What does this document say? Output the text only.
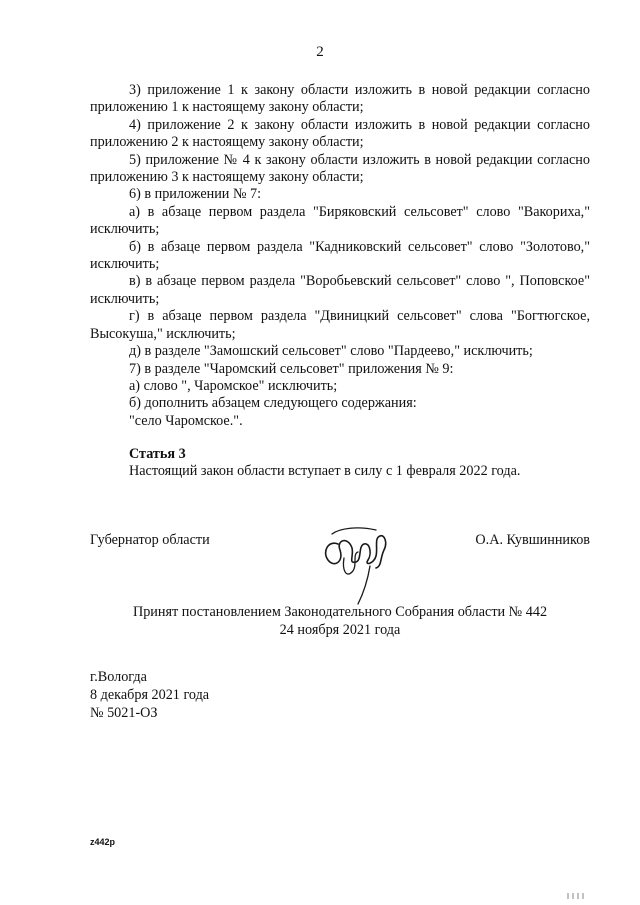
2

3) приложение 1 к закону области изложить в новой редакции согласно приложению 1 к настоящему закону области;

4) приложение 2 к закону области изложить в новой редакции согласно приложению 2 к настоящему закону области;

5) приложение № 4 к закону области изложить в новой редакции согласно приложению 3 к настоящему закону области;

6) в приложении № 7:

а) в абзаце первом раздела "Биряковский сельсовет" слово "Вакориха," исключить;

б) в абзаце первом раздела "Кадниковский сельсовет" слово "Золотово," исключить;

в) в абзаце первом раздела "Воробьевский сельсовет" слово ", Поповское" исключить;

г) в абзаце первом раздела "Двиницкий сельсовет" слова "Богтюгское, Высокуша," исключить;

д) в разделе "Замошский сельсовет" слово "Пардеево," исключить;

7) в разделе "Чаромский сельсовет" приложения № 9:

а) слово ", Чаромское" исключить;

б) дополнить абзацем следующего содержания:

"село Чаромское.".

Статья 3

Настоящий закон области вступает в силу с 1 февраля 2022 года.

Губернатор области	О.А. Кувшинников

Принят постановлением Законодательного Собрания области № 442

24 ноября 2021 года

г.Вологда

8 декабря 2021 года

№ 5021-ОЗ

z442p
